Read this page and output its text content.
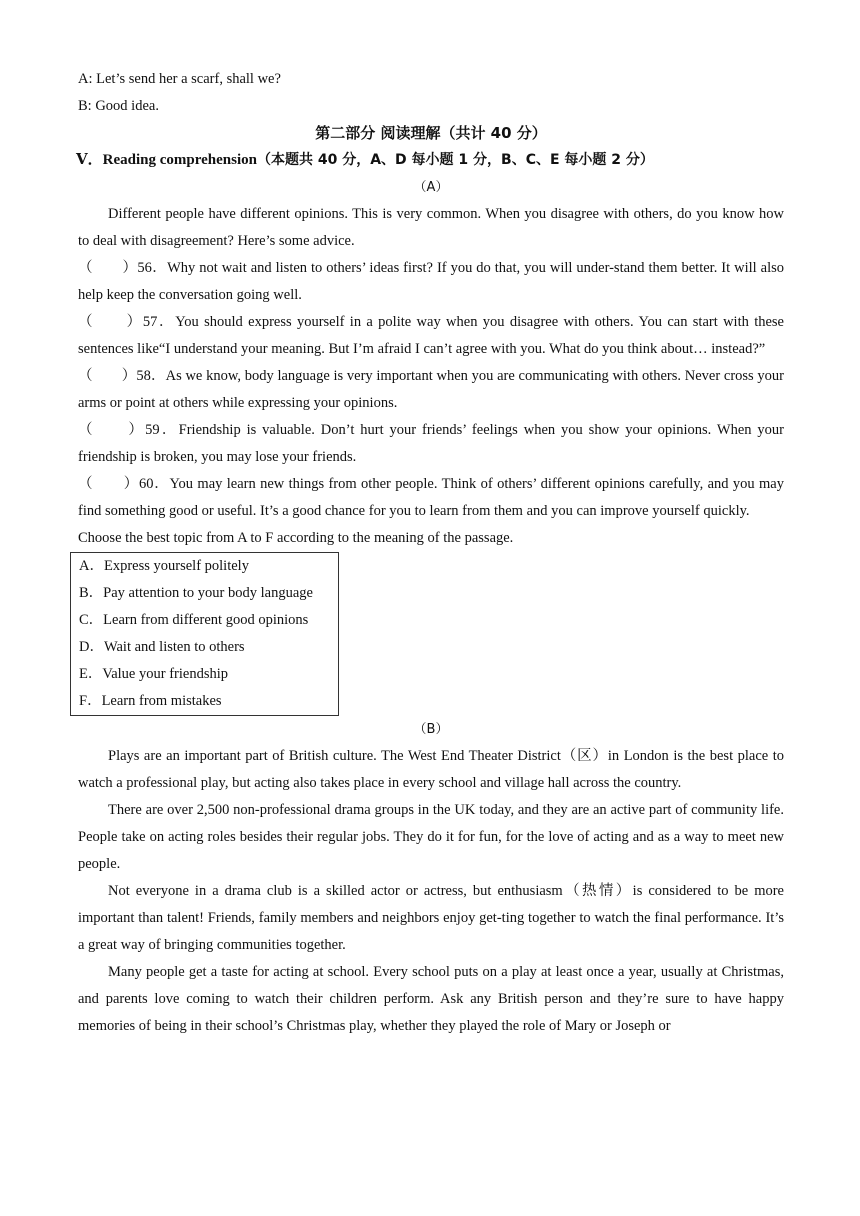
A: Let’s send her a scarf, shall we?
B: Good idea.
第二部分 阅读理解（共计 40 分）
Ⅴ．Reading comprehension（本题共 40 分，A、D 每小题 1 分，B、C、E 每小题 2 分）
（A）
Different people have different opinions. This is very common. When you disagree with others, do you know how to deal with disagreement? Here’s some advice.
（　　）56．Why not wait and listen to others’ ideas first? If you do that, you will under-stand them better. It will also help keep the conversation going well.
（　　）57．You should express yourself in a polite way when you disagree with others. You can start with these sentences like“I understand your meaning. But I’m afraid I can’t agree with you. What do you think about… instead?”
（　　）58．As we know, body language is very important when you are communicating with others. Never cross your arms or point at others while expressing your opinions.
（　　）59．Friendship is valuable. Don’t hurt your friends’ feelings when you show your opinions. When your friendship is broken, you may lose your friends.
（　　）60．You may learn new things from other people. Think of others’ different opinions carefully, and you may find something good or useful. It’s a good chance for you to learn from them and you can improve yourself quickly.
Choose the best topic from A to F according to the meaning of the passage.
A．Express yourself politely
B．Pay attention to your body language
C．Learn from different good opinions
D．Wait and listen to others
E．Value your friendship
F．Learn from mistakes
（B）
Plays are an important part of British culture. The West End Theater District（区）in London is the best place to watch a professional play, but acting also takes place in every school and village hall across the country.
There are over 2,500 non-professional drama groups in the UK today, and they are an active part of community life. People take on acting roles besides their regular jobs. They do it for fun, for the love of acting and as a way to meet new people.
Not everyone in a drama club is a skilled actor or actress, but enthusiasm（热情）is considered to be more important than talent! Friends, family members and neighbors enjoy get-ting together to watch the final performance. It’s a great way of bringing communities together.
Many people get a taste for acting at school. Every school puts on a play at least once a year, usually at Christmas, and parents love coming to watch their children perform. Ask any British person and they’re sure to have happy memories of being in their school’s Christmas play, whether they played the role of Mary or Joseph or
